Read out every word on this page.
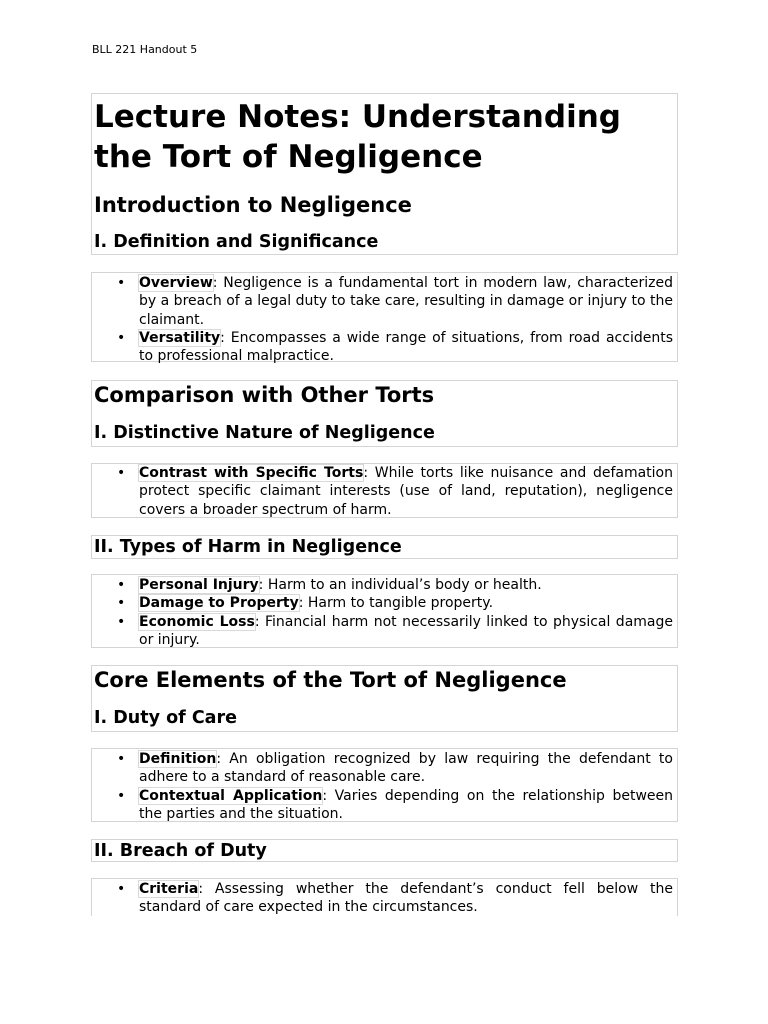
BLL 221 Handout 5
Lecture Notes: Understanding the Tort of Negligence
Introduction to Negligence
I. Definition and Significance
• Overview: Negligence is a fundamental tort in modern law, characterized by a breach of a legal duty to take care, resulting in damage or injury to the claimant.
• Versatility: Encompasses a wide range of situations, from road accidents to professional malpractice.
Comparison with Other Torts
I. Distinctive Nature of Negligence
• Contrast with Specific Torts: While torts like nuisance and defamation protect specific claimant interests (use of land, reputation), negligence covers a broader spectrum of harm.
II. Types of Harm in Negligence
• Personal Injury: Harm to an individual’s body or health.
• Damage to Property: Harm to tangible property.
• Economic Loss: Financial harm not necessarily linked to physical damage or injury.
Core Elements of the Tort of Negligence
I. Duty of Care
• Definition: An obligation recognized by law requiring the defendant to adhere to a standard of reasonable care.
• Contextual Application: Varies depending on the relationship between the parties and the situation.
II. Breach of Duty
• Criteria: Assessing whether the defendant’s conduct fell below the standard of care expected in the circumstances.
